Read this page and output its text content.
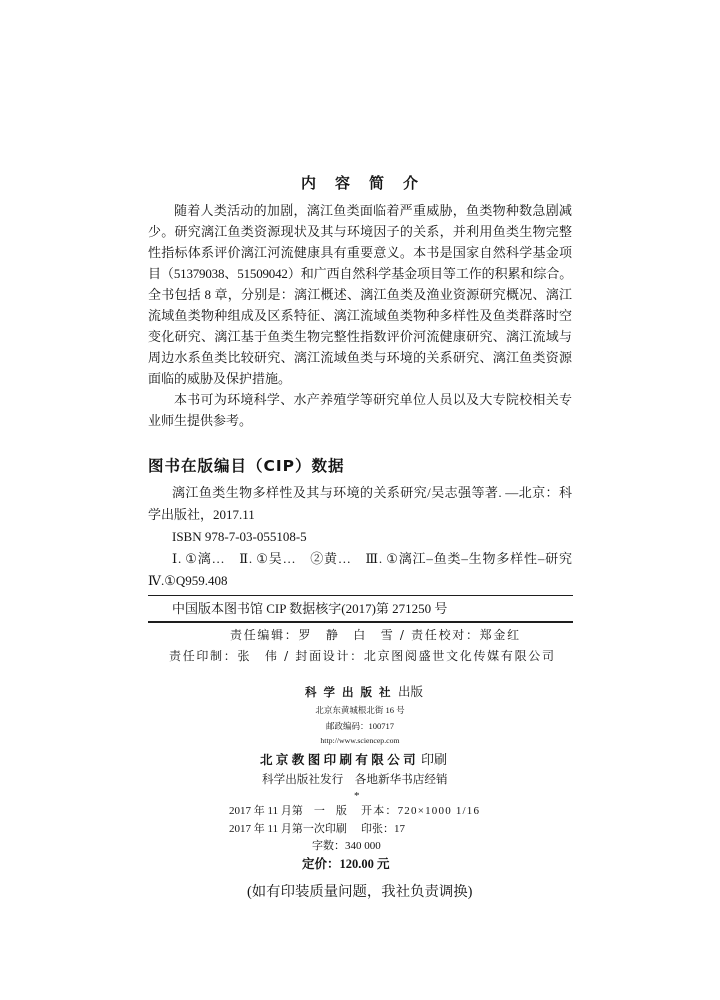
内容简介
随着人类活动的加剧，漓江鱼类面临着严重威胁，鱼类物种数急剧减
少。研究漓江鱼类资源现状及其与环境因子的关系，并利用鱼类生物完整
性指标体系评价漓江河流健康具有重要意义。本书是国家自然科学基金项
目（51379038、51509042）和广西自然科学基金项目等工作的积累和综合。
全书包括 8 章，分别是：漓江概述、漓江鱼类及渔业资源研究概况、漓江
流域鱼类物种组成及区系特征、漓江流域鱼类物种多样性及鱼类群落时空
变化研究、漓江基于鱼类生物完整性指数评价河流健康研究、漓江流域与
周边水系鱼类比较研究、漓江流域鱼类与环境的关系研究、漓江鱼类资源
面临的威胁及保护措施。
本书可为环境科学、水产养殖学等研究单位人员以及大专院校相关专
业师生提供参考。
图书在版编目（CIP）数据
漓江鱼类生物多样性及其与环境的关系研究/吴志强等著. —北京：科
学出版社，2017.11
ISBN 978-7-03-055108-5
Ⅰ. ①漓…　Ⅱ. ①吴…　②黄…　Ⅲ. ①漓江–鱼类–生物多样性–研究
Ⅳ.①Q959.408
中国版本图书馆 CIP 数据核字(2017)第 271250 号
责任编辑：罗　静　白　雪 / 责任校对：郑金红
责任印制：张　伟 / 封面设计：北京图阅盛世文化传媒有限公司
科学出版社 出版
北京东黄城根北街 16 号
邮政编码：100717
http://www.sciencep.com
北京教图印刷有限公司 印刷
科学出版社发行　各地新华书店经销
*
2017 年 11 月第　一　版 开本：720×1000 1/16
2017 年 11 月第一次印刷 印张：17
字数：340 000
定价：120.00 元
(如有印装质量问题，我社负责调换)
